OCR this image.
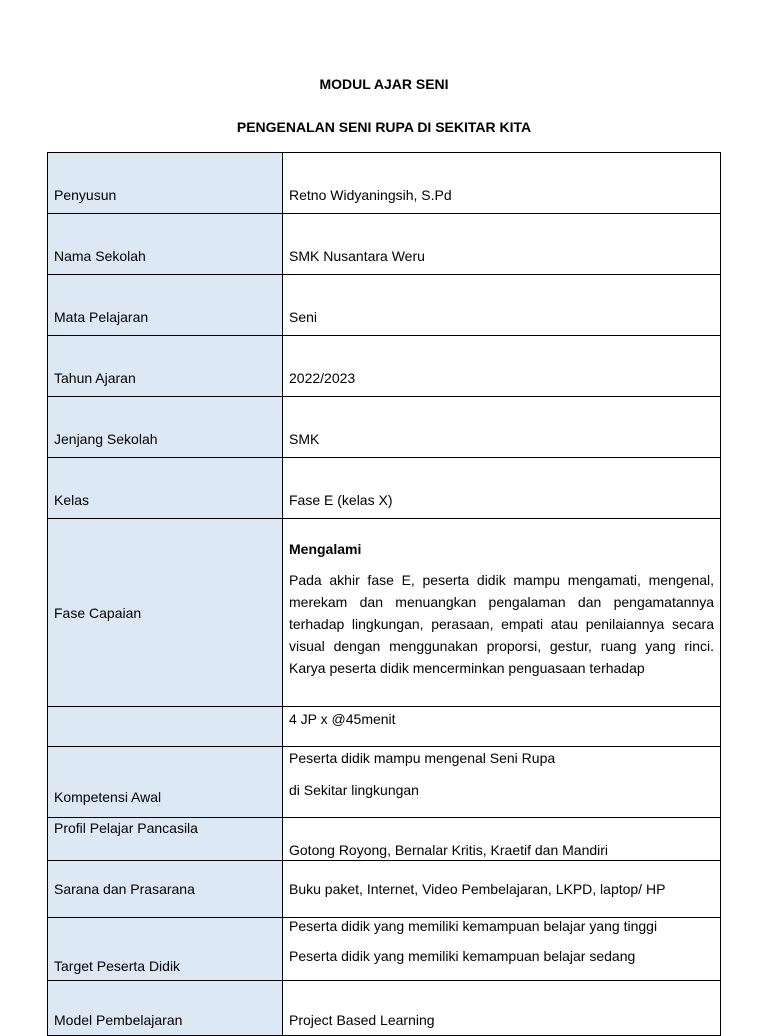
MODUL AJAR SENI
PENGENALAN SENI RUPA DI SEKITAR KITA
Penyusun	Retno Widyaningsih, S.Pd
Nama Sekolah	SMK Nusantara Weru
Mata Pelajaran	Seni
Tahun Ajaran	2022/2023
Jenjang Sekolah	SMK
Kelas	Fase E (kelas X)
Fase Capaian	Mengalami
Pada akhir fase E, peserta didik mampu mengamati, mengenal, merekam dan menuangkan pengalaman dan pengamatannya terhadap lingkungan, perasaan, empati atau penilaiannya secara visual dengan menggunakan proporsi, gestur, ruang yang rinci. Karya peserta didik mencerminkan penguasaan terhadap

	4 JP x @45menit
Kompetensi Awal	Peserta didik mampu mengenal Seni Rupa
di Sekitar lingkungan

Profil Pelajar Pancasila	Gotong Royong, Bernalar Kritis, Kraetif dan Mandiri
Sarana dan Prasarana	Buku paket, Internet, Video Pembelajaran, LKPD, laptop/ HP
Target Peserta Didik	Peserta didik yang memiliki kemampuan belajar yang tinggi
Peserta didik yang memiliki kemampuan belajar sedang

Model Pembelajaran	Project Based Learning
